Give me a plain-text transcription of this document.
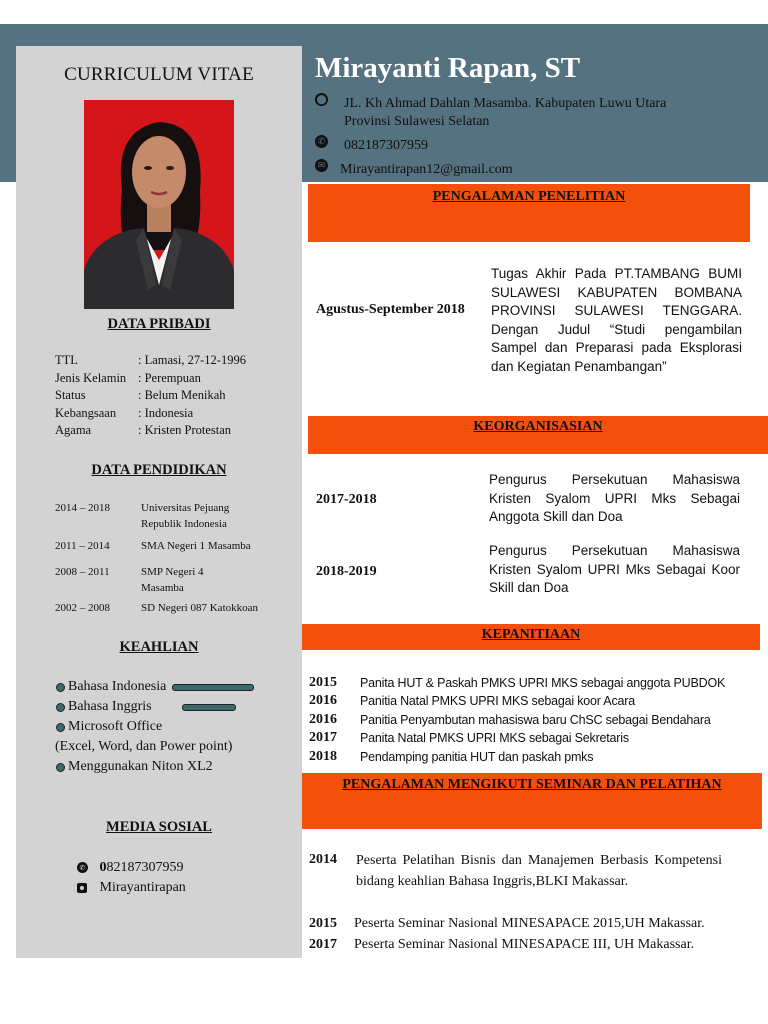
CURRICULUM VITAE
DATA PRIBADI
TTL	: Lamasi, 27-12-1996
Jenis Kelamin : Perempuan
Status	: Belum Menikah
Kebangsaan	: Indonesia
Agama	: Kristen Protestan
DATA PENDIDIKAN
2014 – 2018	Universitas Pejuang
Republik Indonesia
2011 – 2014	SMA Negeri 1 Masamba
2008 – 2011	SMP Negeri 4
Masamba
2002 – 2008	SD Negeri 087 Katokkoan
KEAHLIAN
Bahasa Indonesia
Bahasa Inggris
Microsoft Office
(Excel, Word, dan Power point)
Menggunakan Niton XL2
MEDIA SOSIAL
✆ 082187307959
Mirayantirapan
Mirayanti Rapan, ST
⬤ JL. Kh Ahmad Dahlan Masamba. Kabupaten Luwu Utara
Provinsi Sulawesi Selatan
✆ 082187307959
✉ Mirayantirapan12@gmail.com
PENGALAMAN PENELITIAN
Agustus-September 2018
Tugas Akhir Pada PT.TAMBANG BUMI SULAWESI KABUPATEN BOMBANA PROVINSI SULAWESI TENGGARA. Dengan Judul “Studi pengambilan Sampel dan Preparasi pada Eksplorasi dan Kegiatan Penambangan”
KEORGANISASIAN
2017-2018
Pengurus Persekutuan Mahasiswa Kristen Syalom UPRI Mks Sebagai Anggota Skill dan Doa
2018-2019
Pengurus Persekutuan Mahasiswa Kristen Syalom UPRI Mks Sebagai Koor Skill dan Doa
KEPANITIAAN
2015	Panita HUT & Paskah PMKS UPRI MKS sebagai anggota PUBDOK
2016	Panitia Natal PMKS UPRI MKS sebagai koor Acara
2016	Panitia Penyambutan mahasiswa baru ChSC sebagai Bendahara
2017	Panita Natal PMKS UPRI MKS sebagai Sekretaris
2018	Pendamping panitia HUT dan paskah pmks
PENGALAMAN MENGIKUTI SEMINAR DAN PELATIHAN
2014 Peserta Pelatihan Bisnis dan Manajemen Berbasis Kompetensi bidang keahlian Bahasa Inggris,BLKI Makassar.
2015 Peserta Seminar Nasional MINESAPACE 2015,UH Makassar.
2017 Peserta Seminar Nasional MINESAPACE III, UH Makassar.
